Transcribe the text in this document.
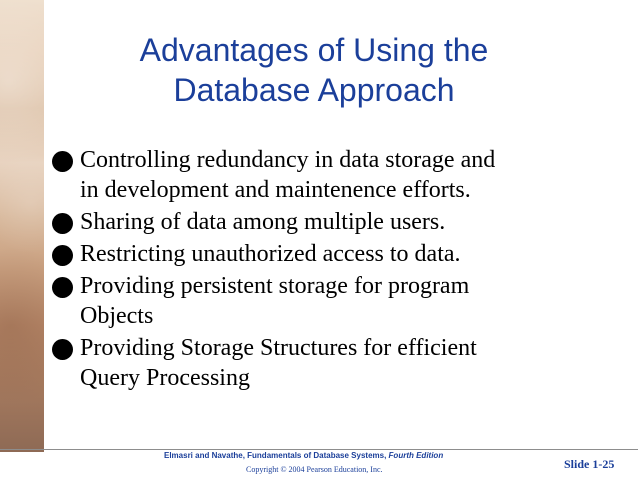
Advantages of Using the
Database Approach
Controlling redundancy in data storage and
in development and maintenence efforts.
Sharing of data among multiple users.
Restricting unauthorized access to data.
Providing persistent storage for program
Objects
Providing Storage Structures for efficient
Query Processing
Elmasri and Navathe, Fundamentals of Database Systems, Fourth Edition
Copyright © 2004 Pearson Education, Inc.	Slide 1-25
